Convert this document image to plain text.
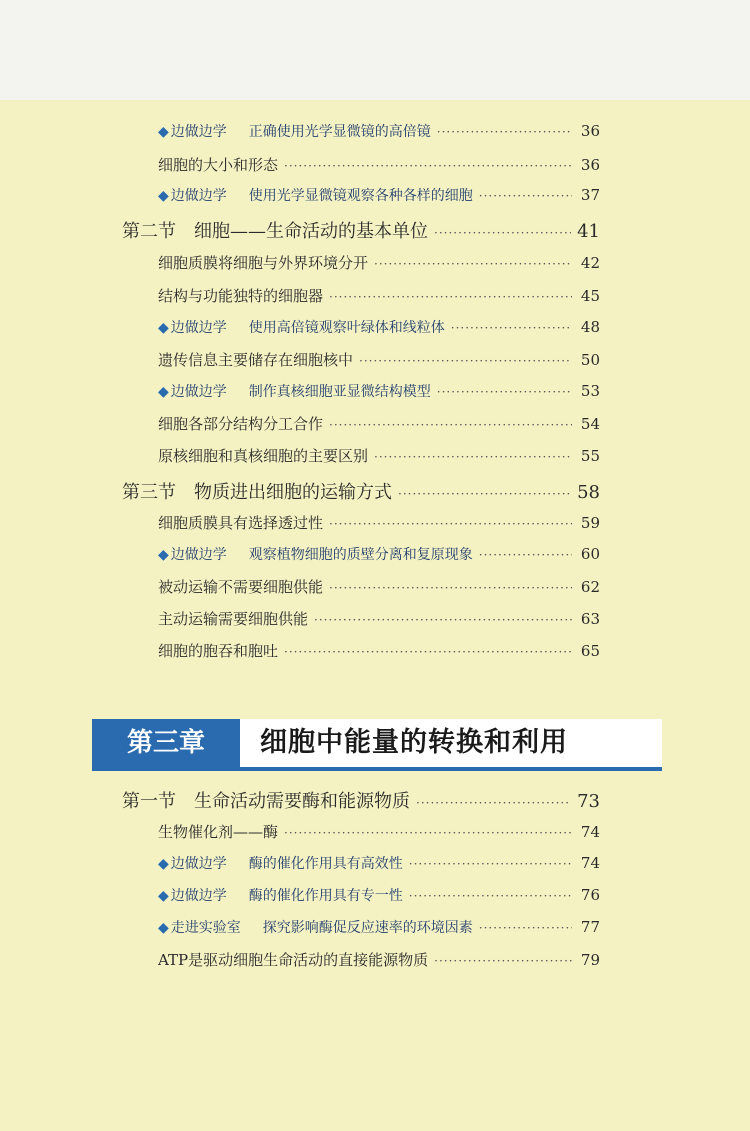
◆ 边做边学 正确使用光学显微镜的高倍镜 ·····	36
细胞的大小和形态 ·····	36
◆ 边做边学 使用光学显微镜观察各种各样的细胞 ·····	37
第二节　细胞——生命活动的基本单位 ·····	41
细胞质膜将细胞与外界环境分开 ·····	42
结构与功能独特的细胞器 ·····	45
◆ 边做边学 使用高倍镜观察叶绿体和线粒体 ·····	48
遗传信息主要储存在细胞核中 ·····	50
◆ 边做边学 制作真核细胞亚显微结构模型 ·····	53
细胞各部分结构分工合作 ·····	54
原核细胞和真核细胞的主要区别 ·····	55
第三节　物质进出细胞的运输方式 ·····	58
细胞质膜具有选择透过性 ·····	59
◆ 边做边学 观察植物细胞的质壁分离和复原现象 ·····	60
被动运输不需要细胞供能 ·····	62
主动运输需要细胞供能 ·····	63
细胞的胞吞和胞吐 ·····	65
第三章	细胞中能量的转换和利用
第一节　生命活动需要酶和能源物质 ·····	73
生物催化剂——酶 ·····	74
◆ 边做边学 酶的催化作用具有高效性 ·····	74
◆ 边做边学 酶的催化作用具有专一性 ·····	76
◆ 走进实验室 探究影响酶促反应速率的环境因素 ·····	77
ATP是驱动细胞生命活动的直接能源物质 ·····	79
